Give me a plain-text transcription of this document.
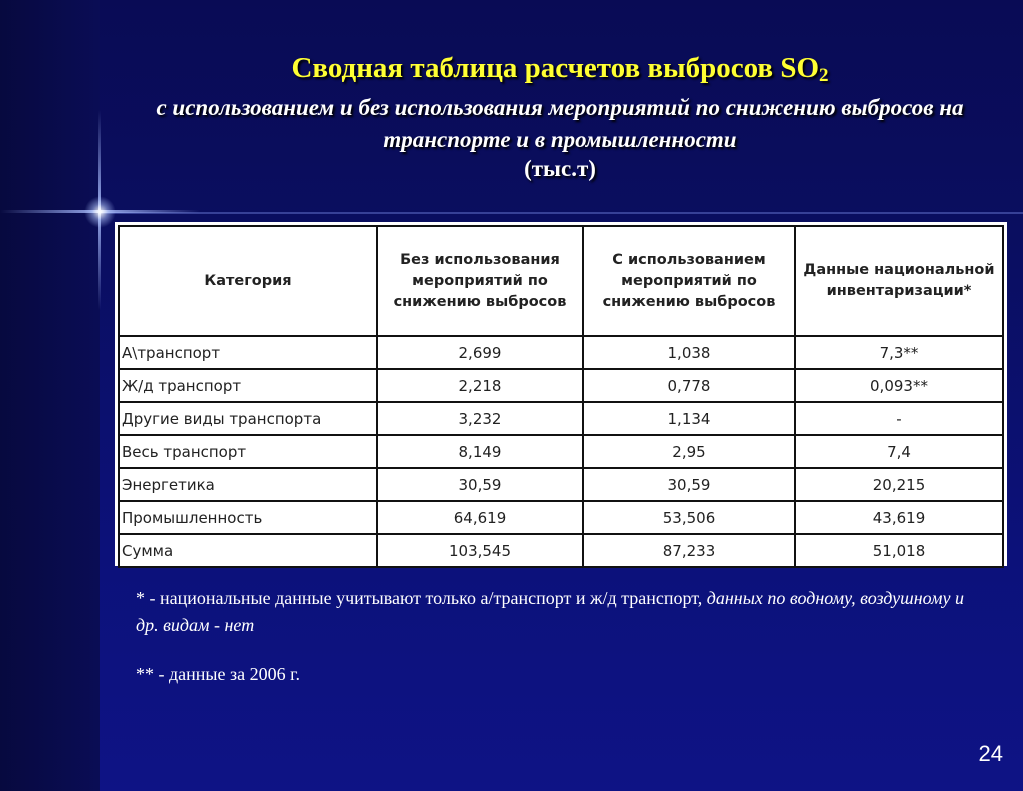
Сводная таблица расчетов выбросов $SO_2$
с использованием и без использования мероприятий по снижению выбросов на транспорте и в промышленности
(тыс.т)
Категория	Без использования мероприятий по снижению выбросов	С использованием мероприятий по снижению выбросов	Данные национальной инвентаризации*
А\транспорт	2,699	1,038	7,3**
Ж/д транспорт	2,218	0,778	0,093**
Другие виды транспорта	3,232	1,134	-
Весь транспорт	8,149	2,95	7,4
Энергетика	30,59	30,59	20,215
Промышленность	64,619	53,506	43,619
Сумма	103,545	87,233	51,018
* - национальные данные учитывают только а/транспорт и ж/д транспорт, данных по водному, воздушному и др. видам - нет
** - данные за 2006 г.
24
